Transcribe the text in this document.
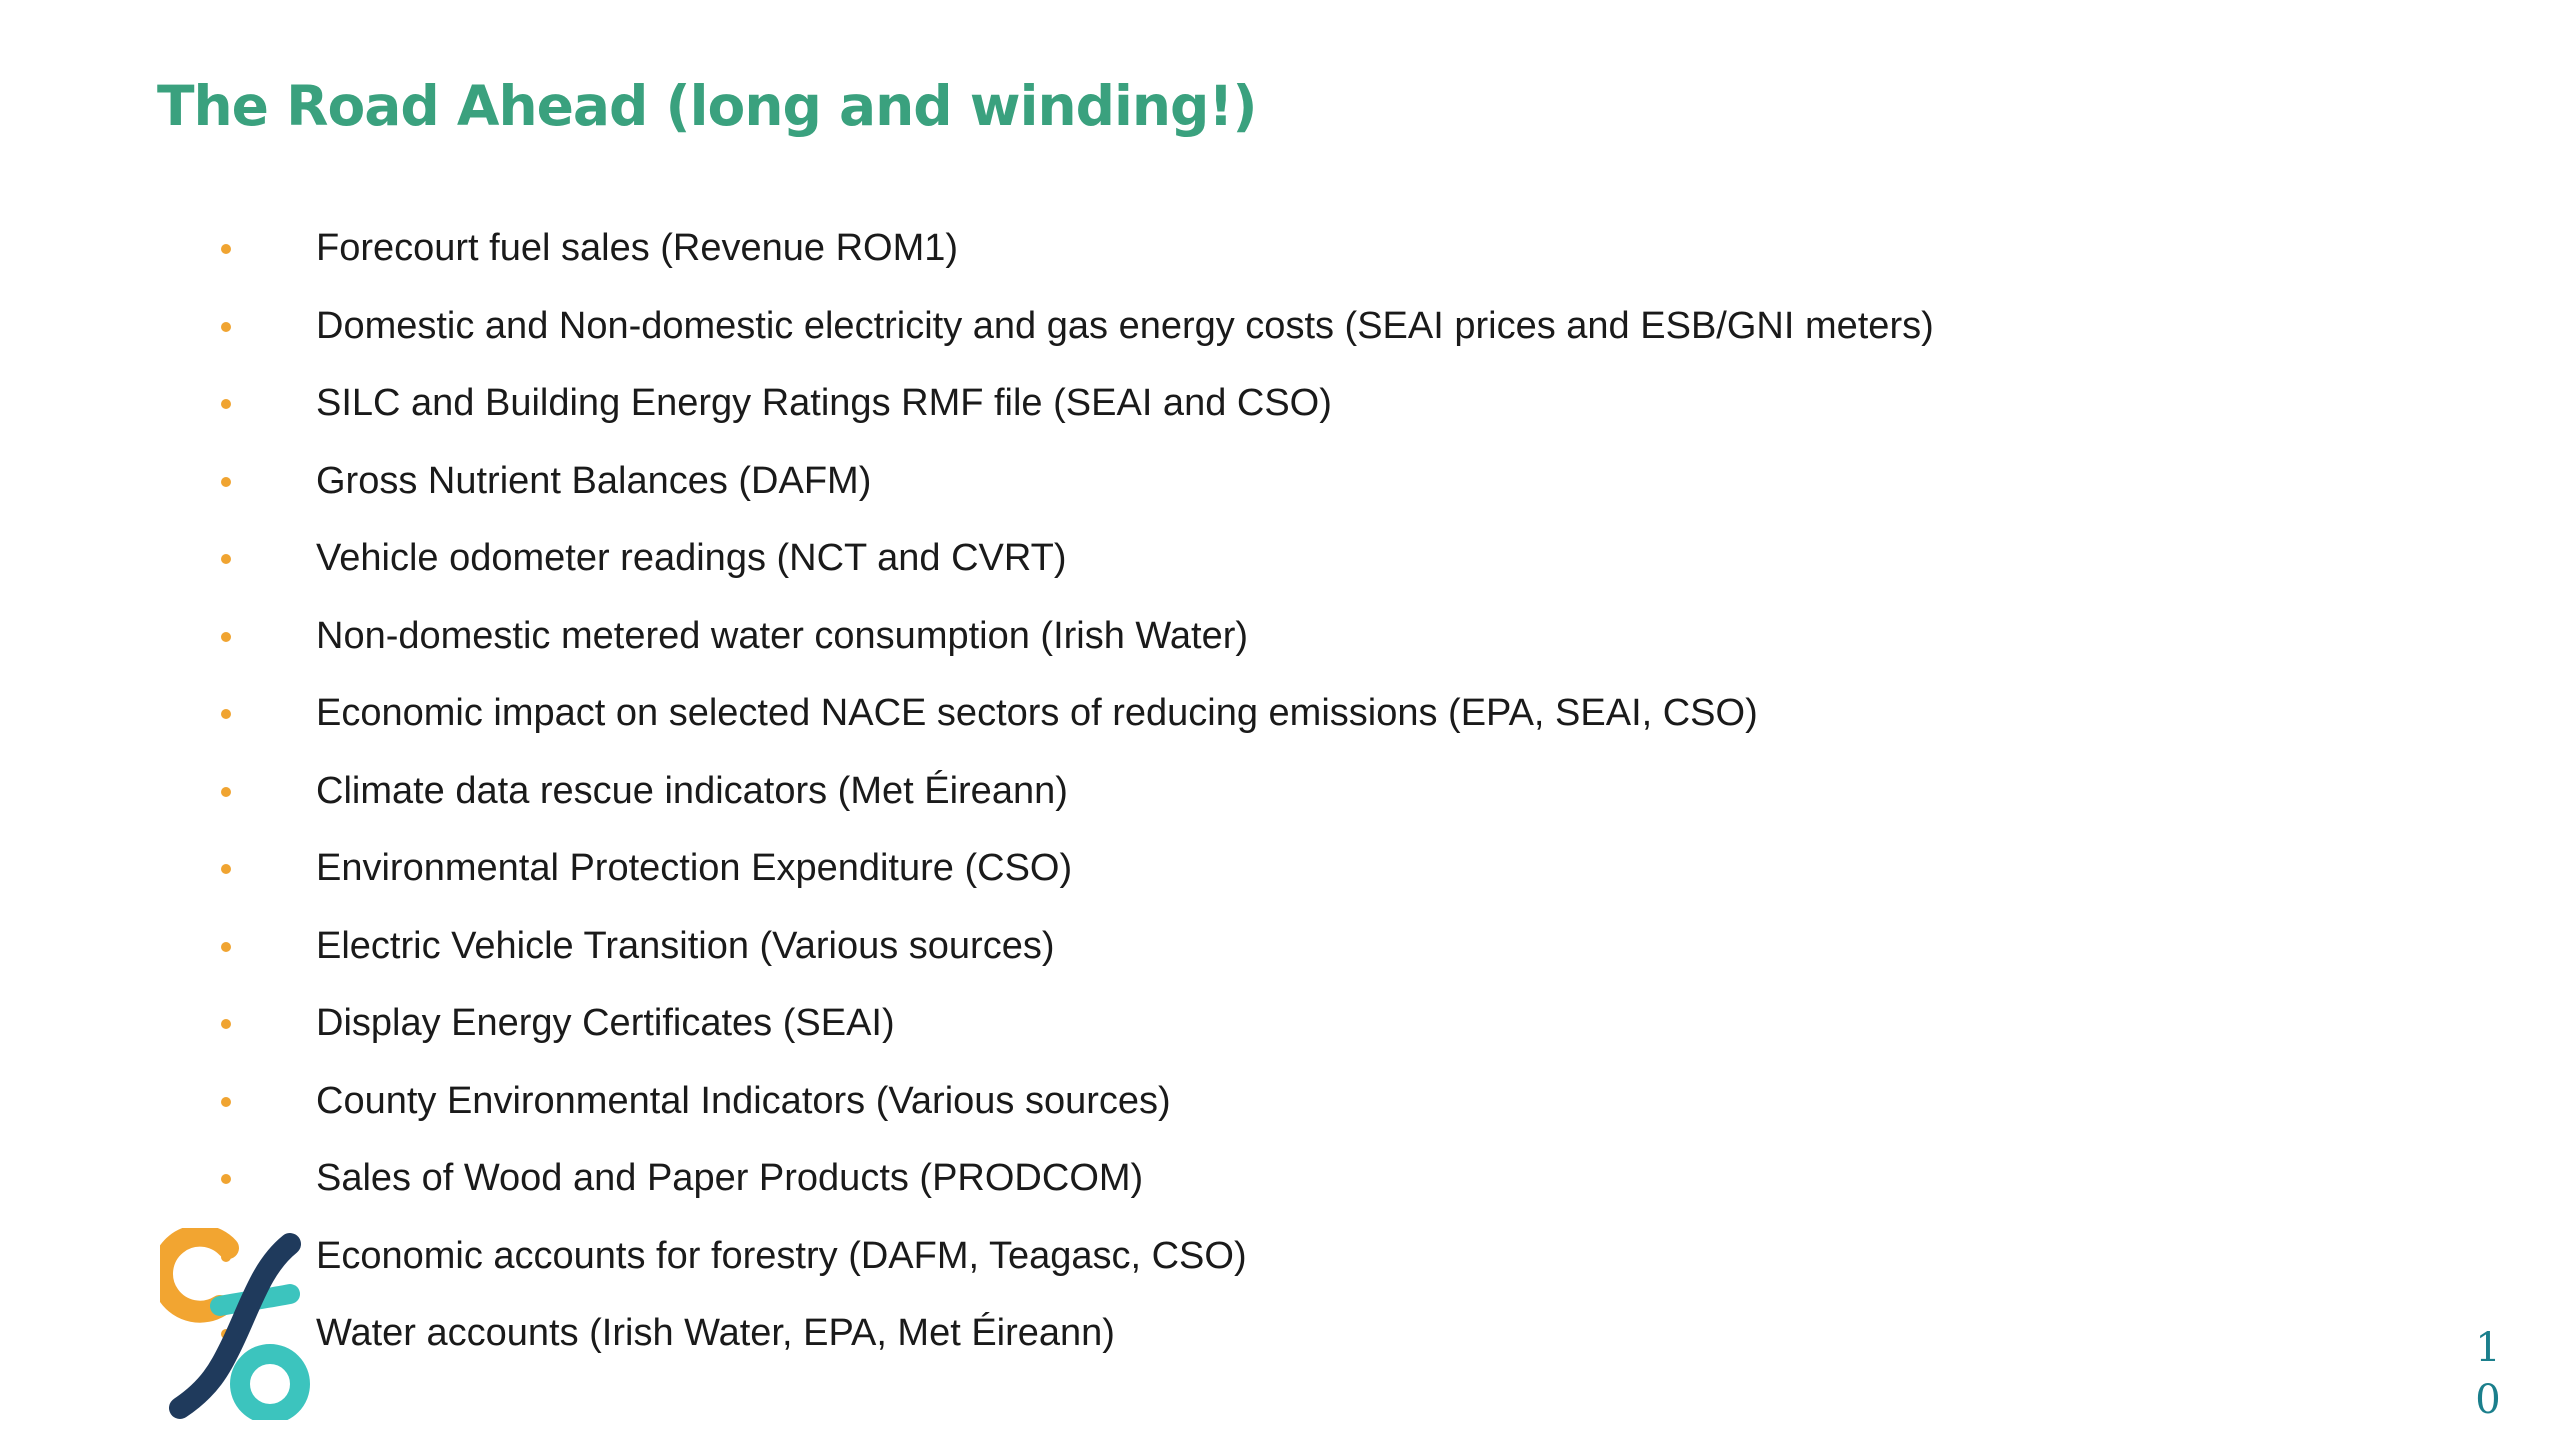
The Road Ahead (long and winding!)
Forecourt fuel sales (Revenue ROM1)
Domestic and Non-domestic electricity and gas energy costs (SEAI prices and ESB/GNI meters)
SILC and Building Energy Ratings RMF file (SEAI and CSO)
Gross Nutrient Balances (DAFM)
Vehicle odometer readings (NCT and CVRT)
Non-domestic metered water consumption (Irish Water)
Economic impact on selected NACE sectors of reducing emissions (EPA, SEAI, CSO)
Climate data rescue indicators (Met Éireann)
Environmental Protection Expenditure (CSO)
Electric Vehicle Transition (Various sources)
Display Energy Certificates (SEAI)
County Environmental Indicators (Various sources)
Sales of Wood and Paper Products (PRODCOM)
Economic accounts for forestry (DAFM, Teagasc, CSO)
Water accounts (Irish Water, EPA, Met Éireann)	1
0
